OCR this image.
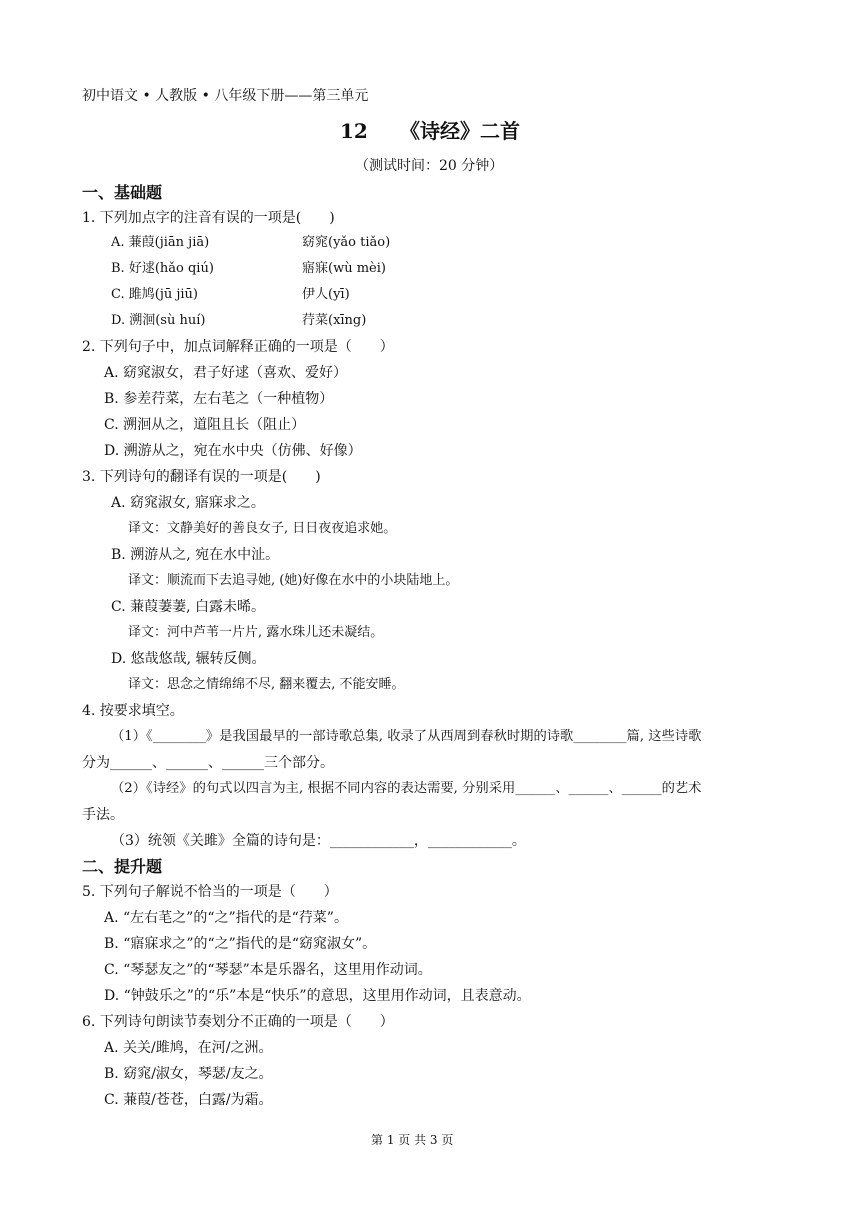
初中语文 • 人教版 • 八年级下册——第三单元
12 《诗经》二首
（测试时间：20 分钟）
一、基础题
1. 下列加点字的注音有误的一项是(　　)
A. 蒹葭(jiān jiā)	窈窕(yǎo tiǎo)
B. 好逑(hǎo qiú)	寤寐(wù mèi)
C. 雎鸠(jū jiū)	伊人(yī)
D. 溯洄(sù huí)	荇菜(xīng)
2. 下列句子中，加点词解释正确的一项是（　　）
A. 窈窕淑女，君子好逑（喜欢、爱好）
B. 参差荇菜，左右芼之（一种植物）
C. 溯洄从之，道阻且长（阻止）
D. 溯游从之，宛在水中央（仿佛、好像）
3. 下列诗句的翻译有误的一项是(　　)
A. 窈窕淑女, 寤寐求之。
译文：文静美好的善良女子, 日日夜夜追求她。
B. 溯游从之, 宛在水中沚。
译文：顺流而下去追寻她, (她)好像在水中的小块陆地上。
C. 蒹葭萋萋, 白露未晞。
译文：河中芦苇一片片, 露水珠儿还未凝结。
D. 悠哉悠哉, 辗转反侧。
译文：思念之情绵绵不尽, 翻来覆去, 不能安睡。
4. 按要求填空。
（1）《________》是我国最早的一部诗歌总集, 收录了从西周到春秋时期的诗歌________篇, 这些诗歌
分为______、______、______三个部分。
（2）《诗经》的句式以四言为主, 根据不同内容的表达需要, 分别采用______、______、______的艺术
手法。
（3）统领《关雎》全篇的诗句是：____________，____________。
二、提升题
5. 下列句子解说不恰当的一项是（　　）
A. “左右芼之”的“之”指代的是“荇菜”。
B. “寤寐求之”的“之”指代的是“窈窕淑女”。
C. “琴瑟友之”的“琴瑟”本是乐器名，这里用作动词。
D. “钟鼓乐之”的“乐”本是“快乐”的意思，这里用作动词，且表意动。
6. 下列诗句朗读节奏划分不正确的一项是（　　）
A. 关关/雎鸠，在河/之洲。
B. 窈窕/淑女，琴瑟/友之。
C. 蒹葭/苍苍，白露/为霜。
第 1 页 共 3 页
